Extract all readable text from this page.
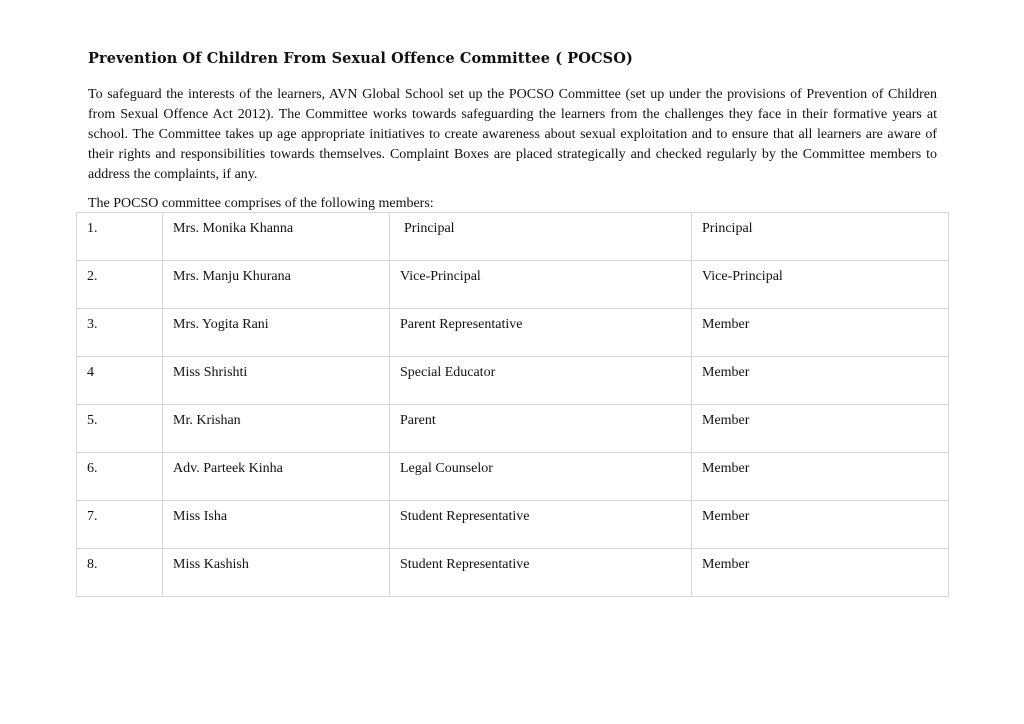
Prevention Of Children From Sexual Offence Committee ( POCSO)

To safeguard the interests of the learners, AVN Global School set up the POCSO Committee (set up under the provisions of Prevention of Children from Sexual Offence Act 2012). The Committee works towards safeguarding the learners from the challenges they face in their formative years at school. The Committee takes up age appropriate initiatives to create awareness about sexual exploitation and to ensure that all learners are aware of their rights and responsibilities towards themselves. Complaint Boxes are placed strategically and checked regularly by the Committee members to address the complaints, if any.

The POCSO committee comprises of the following members:

1.	Mrs. Monika Khanna	Principal	Principal
2.	Mrs. Manju Khurana	Vice-Principal	Vice-Principal
3.	Mrs. Yogita Rani	Parent Representative	Member
4	Miss Shrishti	Special Educator	Member
5.	Mr. Krishan	Parent	Member
6.	Adv. Parteek Kinha	Legal Counselor	Member
7.	Miss Isha	Student Representative	Member
8.	Miss Kashish	Student Representative	Member
